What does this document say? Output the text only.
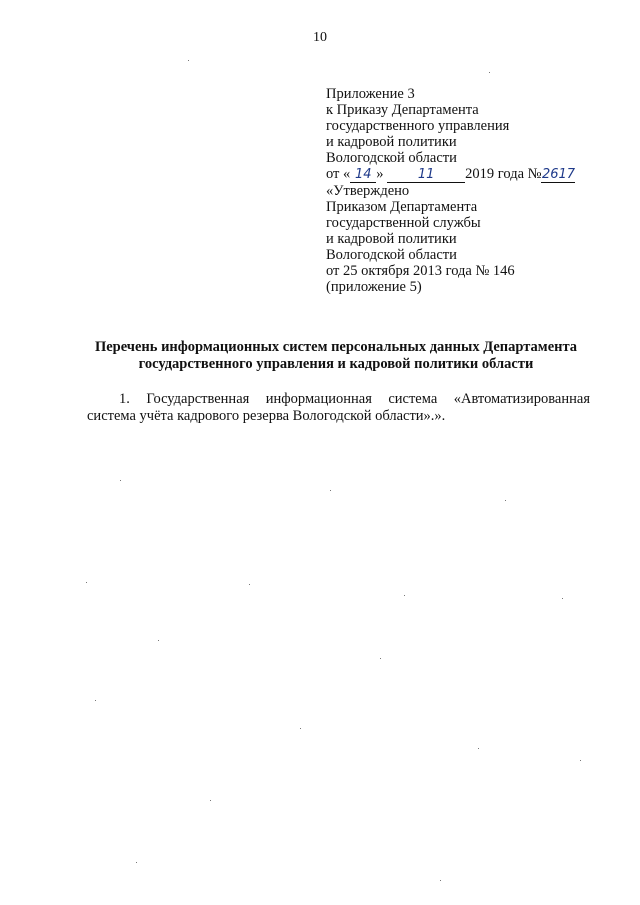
10
Приложение 3
к Приказу Департамента
государственного управления
и кадровой политики
Вологодской области
от « 14 »	11 2019 года №2617
«Утверждено
Приказом Департамента
государственной службы
и кадровой политики
Вологодской области
от 25 октября 2013 года № 146
(приложение 5)
Перечень информационных систем персональных данных Департамента
государственного управления и кадровой политики области
1. Государственная информационная система «Автоматизированная система учёта кадрового резерва Вологодской области».».
